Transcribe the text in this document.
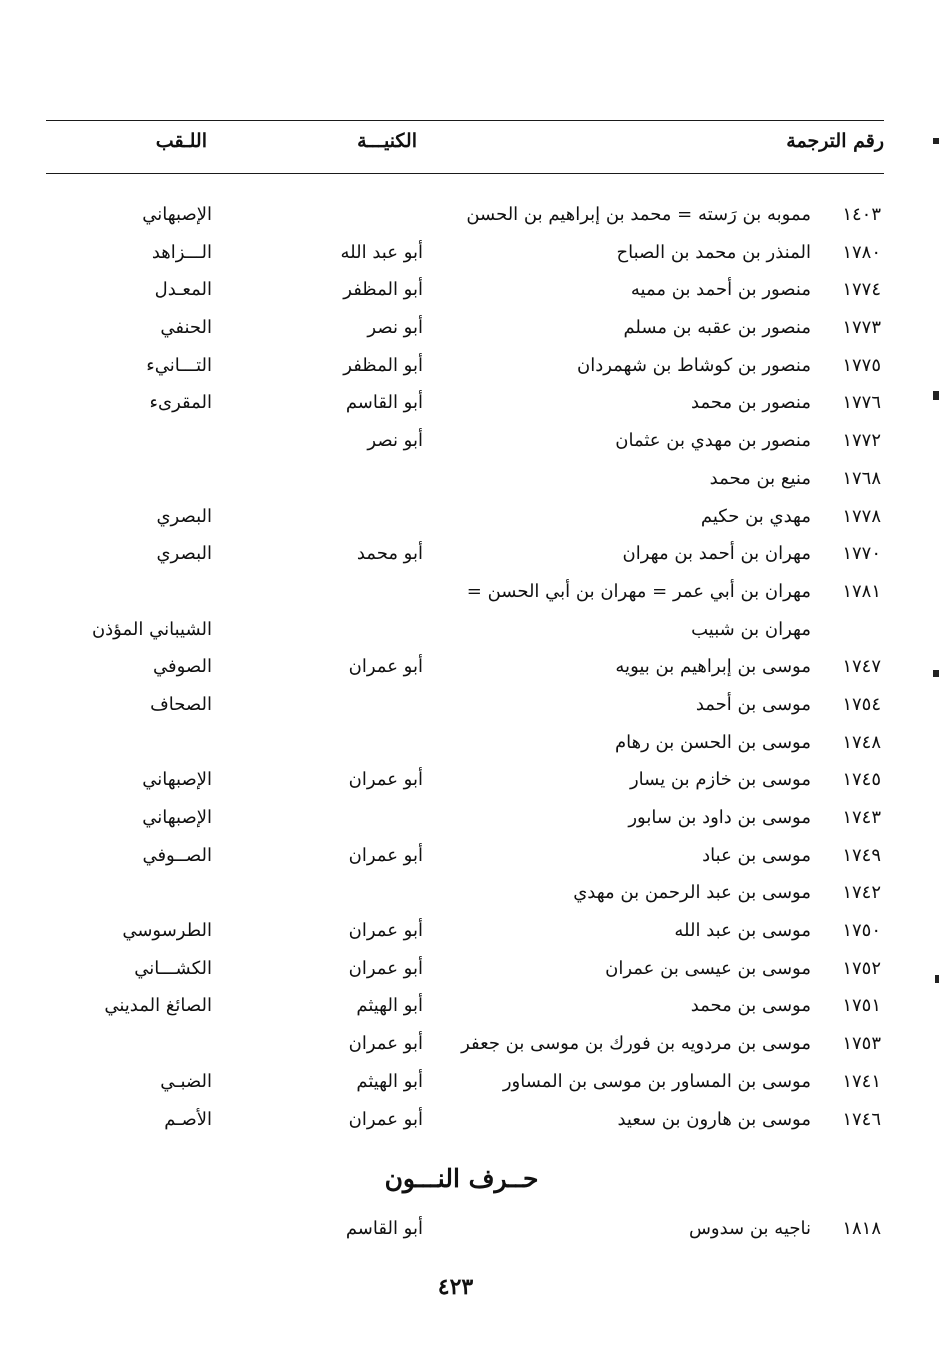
رقم الترجمة
الكنيـــة
اللـقب
١٤٠٣
مموبه بن رَسته = محمد بن إبراهيم بن الحسن
الإصبهاني
١٧٨٠
المنذر بن محمد بن الصباح
أبو عبد الله
الـــزاهد
١٧٧٤
منصور بن أحمد بن مميه
أبو المظفر
المعـدل
١٧٧٣
منصور بن عقبه بن مسلم
أبو نصر
الحنفي
١٧٧٥
منصور بن كوشاط بن شهمردان
أبو المظفر
التـــانيء
١٧٧٦
منصور بن محمد
أبو القاسم
المقرىء
١٧٧٢
منصور بن مهدي بن عثمان
أبو نصر
١٧٦٨
منيع بن محمد
١٧٧٨
مهدي بن حكيم
البصري
١٧٧٠
مهران بن أحمد بن مهران
أبو محمد
البصري
١٧٨١
مهران بن أبي عمر = مهران بن أبي الحسن =
مهران بن شبيب
الشيباني المؤذن
١٧٤٧
موسى بن إبراهيم بن بيويه
أبو عمران
الصوفي
١٧٥٤
موسى بن أحمد
الصحاف
١٧٤٨
موسى بن الحسن بن رهام
١٧٤٥
موسى بن خازم بن يسار
أبو عمران
الإصبهاني
١٧٤٣
موسى بن داود بن سابور
الإصبهاني
١٧٤٩
موسى بن عباد
أبو عمران
الصــوفي
١٧٤٢
موسى بن عبد الرحمن بن مهدي
١٧٥٠
موسى بن عبد الله
أبو عمران
الطرسوسي
١٧٥٢
موسى بن عيسى بن عمران
أبو عمران
الكشـــاني
١٧٥١
موسى بن محمد
أبو الهيثم
الصائغ المديني
١٧٥٣
موسى بن مردويه بن فورك بن موسى بن جعفر
أبو عمران
١٧٤١
موسى بن المساور بن موسى بن المساور
أبو الهيثم
الضبـي
١٧٤٦
موسى بن هارون بن سعيد
أبو عمران
الأصـم
حــرف النـــون
١٨١٨
ناجيه بن سدوس
أبو القاسم
٤٢٣
